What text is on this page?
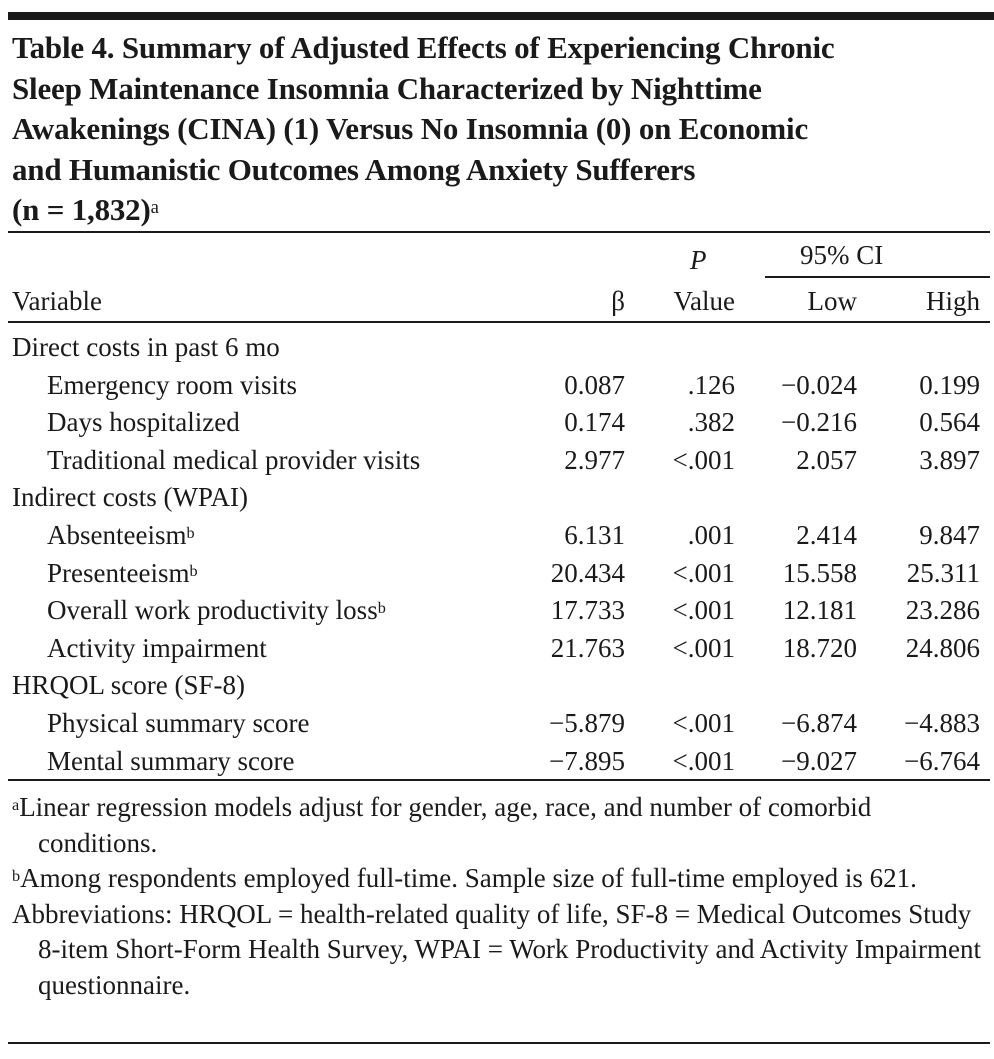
Table 4. Summary of Adjusted Effects of Experiencing Chronic

Sleep Maintenance Insomnia Characterized by Nighttime

Awakenings (CINA) (1) Versus No Insomnia (0) on Economic

and Humanistic Outcomes Among Anxiety Sufferers

(n = 1,832)$^a$

P	95% CI
Variable	β Value	Low	High
Direct costs in past 6 mo
Emergency room visits	0.087 .126 −0.024 0.199
Days hospitalized	0.174 .382 −0.216 0.564
Traditional medical provider visits	2.977 <.001 2.057 3.897
Indirect costs (WPAI)
Absenteeism$^b$	6.131 .001 2.414 9.847
Presenteeism$^b$	20.434 <.001 15.558 25.311
Overall work productivity loss$^b$	17.733 <.001 12.181 23.286
Activity impairment	21.763 <.001 18.720 24.806
HRQOL score (SF-8)
Physical summary score	−5.879 <.001 −6.874 −4.883
Mental summary score	−7.895 <.001 −9.027 −6.764

$^a$Linear regression models adjust for gender, age, race, and number of comorbid conditions.

$^b$Among respondents employed full-time. Sample size of full-time employed is 621.

Abbreviations: HRQOL = health-related quality of life, SF-8 = Medical Outcomes Study 8-item Short-Form Health Survey, WPAI = Work Productivity and Activity Impairment questionnaire.
